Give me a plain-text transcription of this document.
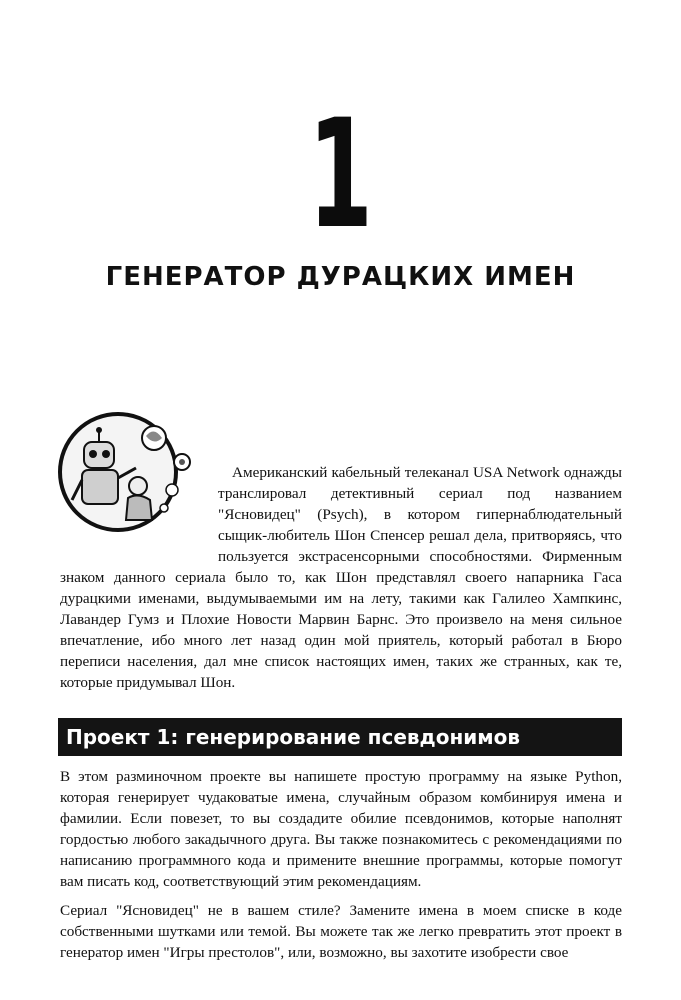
1
ГЕНЕРАТОР ДУРАЦКИХ ИМЕН

Американский кабельный телеканал USA Network однажды транслировал детективный сериал под названием "Ясновидец" (Psych), в котором гипернаблюдательный сыщик-любитель Шон Спенсер решал дела, притворяясь, что пользуется экстрасенсорными способностями. Фирменным знаком данного сериала было то, как Шон представлял своего напарника Гаса дурацкими именами, выдумываемыми им на лету, такими как Галилео Хампкинс, Лавандер Гумз и Плохие Новости Марвин Барнс. Это произвело на меня сильное впечатление, ибо много лет назад один мой приятель, который работал в Бюро переписи населения, дал мне список настоящих имен, таких же странных, как те, которые придумывал Шон.

Проект 1: генерирование псевдонимов

В этом разминочном проекте вы напишете простую программу на языке Python, которая генерирует чудаковатые имена, случайным образом комбинируя имена и фамилии. Если повезет, то вы создадите обилие псевдонимов, которые наполнят гордостью любого закадычного друга. Вы также познакомитесь с рекомендациями по написанию программного кода и примените внешние программы, которые помогут вам писать код, соответствующий этим рекомендациям.

Сериал "Ясновидец" не в вашем стиле? Замените имена в моем списке в коде собственными шутками или темой. Вы можете так же легко превратить этот проект в генератор имен "Игры престолов", или, возможно, вы захотите изобрести свое
